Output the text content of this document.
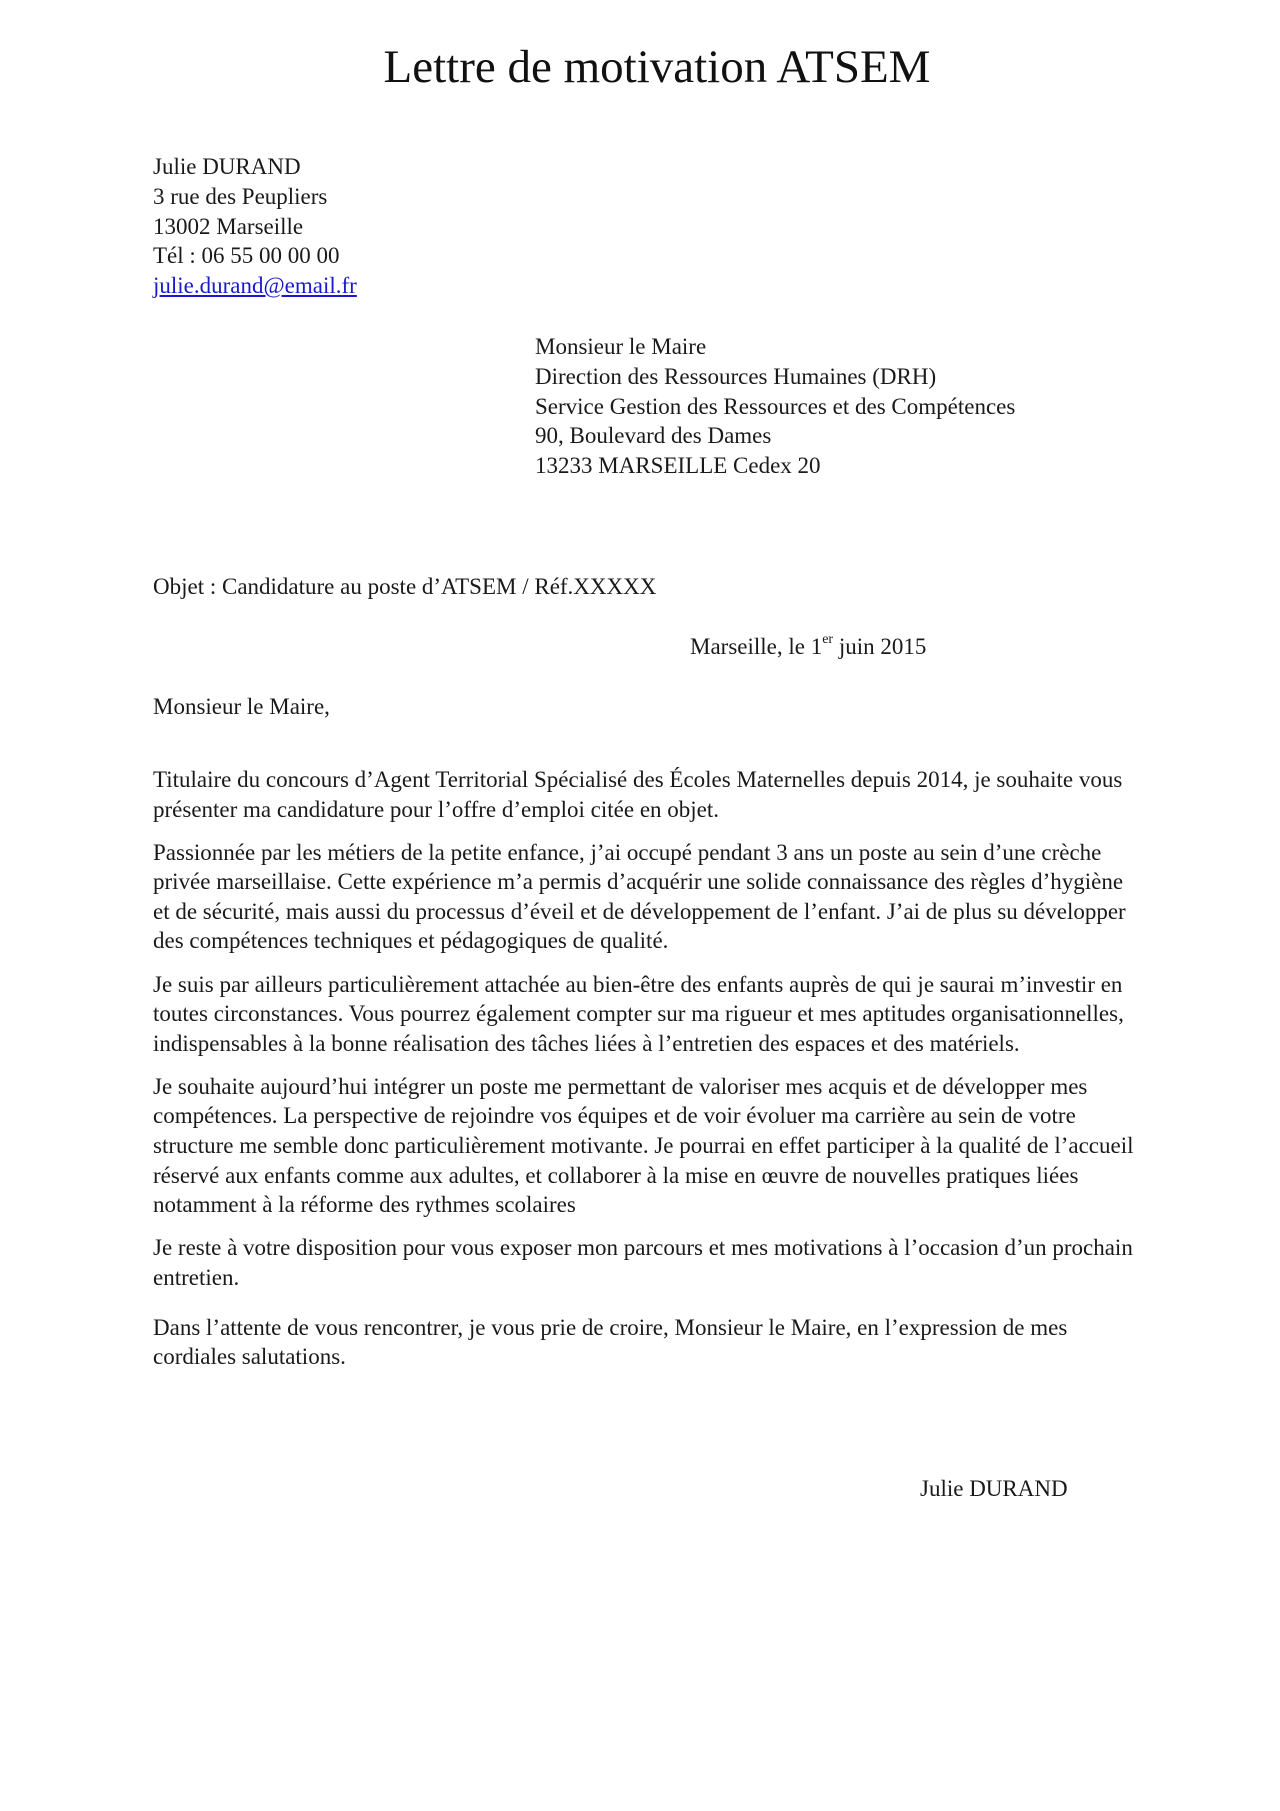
Lettre de motivation ATSEM
Julie DURAND
3 rue des Peupliers
13002 Marseille
Tél : 06 55 00 00 00
julie.durand@email.fr
Monsieur le Maire
Direction des Ressources Humaines (DRH)
Service Gestion des Ressources et des Compétences
90, Boulevard des Dames
13233 MARSEILLE Cedex 20
Objet : Candidature au poste d’ATSEM / Réf.XXXXX
Marseille, le 1er juin 2015
Monsieur le Maire,

Titulaire du concours d’Agent Territorial Spécialisé des Écoles Maternelles depuis 2014, je souhaite vous présenter ma candidature pour l’offre d’emploi citée en objet.

Passionnée par les métiers de la petite enfance, j’ai occupé pendant 3 ans un poste au sein d’une crèche privée marseillaise. Cette expérience m’a permis d’acquérir une solide connaissance des règles d’hygiène et de sécurité, mais aussi du processus d’éveil et de développement de l’enfant. J’ai de plus su développer des compétences techniques et pédagogiques de qualité.

Je suis par ailleurs particulièrement attachée au bien-être des enfants auprès de qui je saurai m’investir en toutes circonstances. Vous pourrez également compter sur ma rigueur et mes aptitudes organisationnelles, indispensables à la bonne réalisation des tâches liées à l’entretien des espaces et des matériels.

Je souhaite aujourd’hui intégrer un poste me permettant de valoriser mes acquis et de développer mes compétences. La perspective de rejoindre vos équipes et de voir évoluer ma carrière au sein de votre structure me semble donc particulièrement motivante. Je pourrai en effet participer à la qualité de l’accueil réservé aux enfants comme aux adultes, et collaborer à la mise en œuvre de nouvelles pratiques liées notamment à la réforme des rythmes scolaires

Je reste à votre disposition pour vous exposer mon parcours et mes motivations à l’occasion d’un prochain entretien.

Dans l’attente de vous rencontrer, je vous prie de croire, Monsieur le Maire, en l’expression de mes cordiales salutations.

Julie DURAND
